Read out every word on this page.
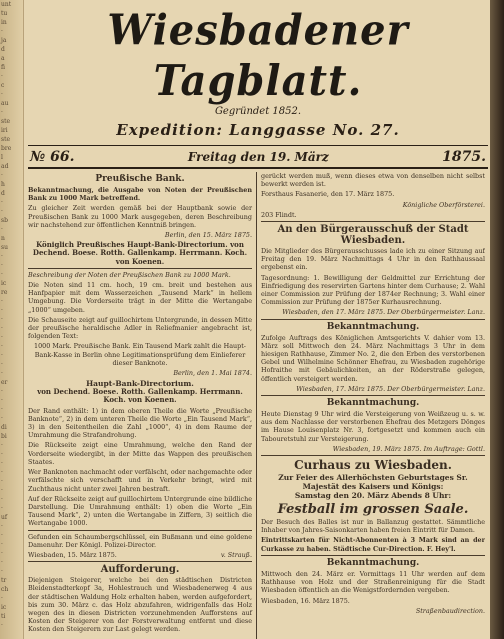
unt
tu
in
·
ja
d
a
fi
·
c
·
au
·
ste
iri
ste
bre
l
ad
·
h
d
·
·
sb
·
n
su
·
·
·
ic
re
·
·
·
·
·
·
·
·
·
er
·
·
·
·
di
bi
·
·
·
·
·
·
·
·
uf
·
·
·
·
·
·
tr
ch
·
ic
ti
·
Wiesbadener Tagblatt.
Gegründet 1852.
Expedition: Langgasse No. 27.
№ 66.	Freitag den 19. März	1875.
Preußische Bank.
Bekanntmachung, die Ausgabe von Noten der Preußischen Bank zu 1000 Mark betreffend.
Zu gleicher Zeit werden gemäß bei der Hauptbank sowie der Preußischen Bank zu 1000 Mark ausgegeben, deren Beschreibung wir nachstehend zur öffentlichen Kenntniß bringen.
Berlin, den 15. März 1875.
Königlich Preußisches Haupt-Bank-Directorium. von Dechend. Boese. Rotth. Gallenkamp. Herrmann. Koch. von Koenen.
Beschreibung der Noten der Preußischen Bank zu 1000 Mark.
Die Noten sind 11 cm. hoch, 19 cm. breit und bestehen aus Hanfpapier mit dem Wasserzeichen „Tausend Mark“ in hellem Umgebung. Die Vorderseite trägt in der Mitte die Wertangabe „1000“ umgeben.
Die Schauseite zeigt auf guillochirtem Untergrunde, in dessen Mitte der preußische heraldische Adler in Reliefmanier angebracht ist, folgenden Text:
1000 Mark. Preußische Bank. Ein Tausend Mark zahlt die Haupt-Bank-Kasse in Berlin ohne Legitimationsprüfung dem Einlieferer dieser Banknote.
Berlin, den 1. Mai 1874.
Haupt-Bank-Directorium.
von Dechend. Boese. Rotth. Gallenkamp. Herrmann. Koch. von Koenen.
Der Rand enthält: 1) in dem oberen Theile die Worte „Preußische Banknote“, 2) in dem unteren Theile die Worte „Ein Tausend Mark“, 3) in den Seitentheilen die Zahl „1000“, 4) in dem Raume der Umrahmung die Strafandrohung.
Die Rückseite zeigt eine Umrahmung, welche den Rand der Vorderseite wiedergibt, in der Mitte das Wappen des preußischen Staates.
Wer Banknoten nachmacht oder verfälscht, oder nachgemachte oder verfälschte sich verschafft und in Verkehr bringt, wird mit Zuchthaus nicht unter zwei Jahren bestraft.
Auf der Rückseite zeigt auf guillochirtem Untergrunde eine bildliche Darstellung. Die Umrahmung enthält: 1) oben die Worte „Ein Tausend Mark“, 2) unten die Wertangabe in Ziffern, 3) seitlich die Wertangabe 1000.
Gefunden ein Schaumbergschlüssel, ein Bußmann und eine goldene Damenuhr. Der Königl. Polizei-Director.
Wiesbaden, 15. März 1875.	v. Strauß.
Aufforderung.
Diejenigen Steigerer, welche bei den städtischen Districten Bleidenstadterkopf 3a, Hohlestrauch und Wiesbadenerweg 4 aus der städtischen Waldung Holz erhalten haben, werden aufgefordert, bis zum 30. März c. das Holz abzufahren, widrigenfalls das Holz wegen des in diesen Districten vorzunehmenden Aufforstens auf Kosten der Steigerer von der Forstverwaltung entfernt und diese Kosten den Steigerern zur Last gelegt werden.
gerückt werden muß, wenn dieses etwa von denselben nicht selbst bewerkt werden ist.
Forsthaus Fasanerie, den 17. März 1875.
Königliche Oberförsterei.
203 Flindt.
An den Bürgerausschuß der Stadt Wiesbaden.
Die Mitglieder des Bürgerausschusses lade ich zu einer Sitzung auf Freitag den 19. März Nachmittags 4 Uhr in den Rathhaussaal ergebenst ein.
Tagesordnung: 1. Bewilligung der Geldmittel zur Errichtung der Einfriedigung des reservirten Gartens hinter dem Curhause; 2. Wahl einer Commission zur Prüfung der 1874er Rechnung; 3. Wahl einer Commission zur Prüfung der 1875er Kurhausrechnung.
Wiesbaden, den 17. März 1875. Der Oberbürgermeister. Lanz.
Bekanntmachung.
Zufolge Auftrags des Königlichen Amtsgerichts V. dahier vom 13. März soll Mittwoch den 24. März Nachmittags 3 Uhr in dem hiesigen Rathhause, Zimmer No. 2, die den Erben des verstorbenen Gebel und Wilhelmine Schönner Ehefrau, zu Wiesbaden zugehörige Hofraithe mit Gebäulichkeiten, an der Röderstraße gelegen, öffentlich versteigert werden.
Wiesbaden, 17. März 1875. Der Oberbürgermeister. Lanz.
Bekanntmachung.
Heute Dienstag 9 Uhr wird die Versteigerung von Weißzeug u. s. w. aus dem Nachlasse der verstorbenen Ehefrau des Metzgers Dönges im Hause Louisenplatz Nr. 3, fortgesetzt und kommen auch ein Tabouretstuhl zur Versteigerung.
Wiesbaden, 19. März 1875. Im Auftrage: Gottl.
Curhaus zu Wiesbaden.
Zur Feier des Allerhöchsten Geburtstages Sr. Majestät des Kaisers und Königs:
Samstag den 20. März Abends 8 Uhr:
Festball im grossen Saale.
Der Besuch des Balles ist nur in Ballanzug gestattet. Sämmtliche Inhaber von Jahres-Saisonkarten haben freien Eintritt für Damen.
Eintrittskarten für Nicht-Abonnenten à 3 Mark sind an der Curkasse zu haben. Städtische Cur-Direction. F. Hey'l.
Bekanntmachung.
Mittwoch den 24. März er. Vormittags 11 Uhr werden auf dem Rathhause von Holz und der Straßenreinigung für die Stadt Wiesbaden öffentlich an die Wenigstfordernden vergeben.
Wiesbaden, 16. März 1875.
Straßenbaudirection.
